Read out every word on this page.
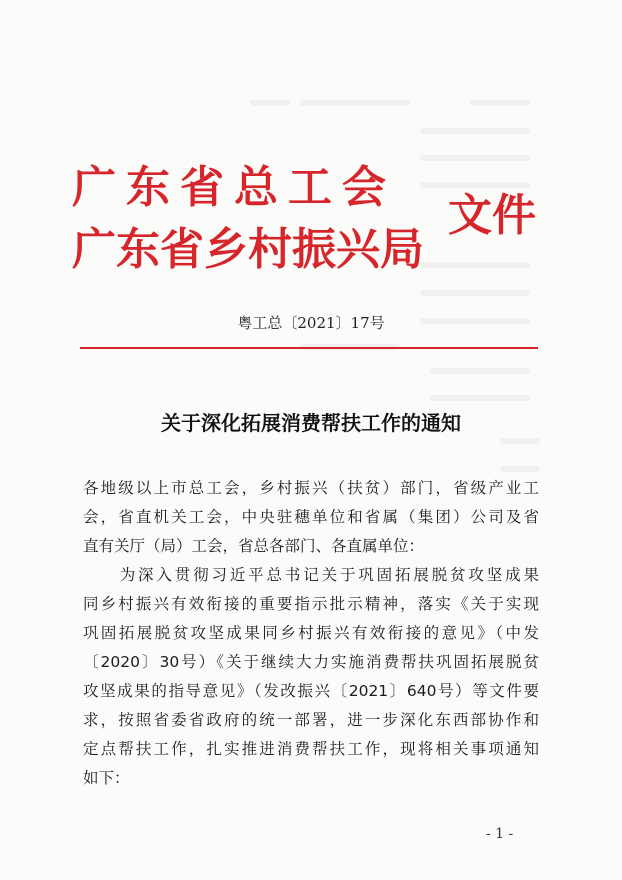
广东省总工会
广东省乡村振兴局
文件
粤工总〔2021〕17号
关于深化拓展消费帮扶工作的通知
各地级以上市总工会，乡村振兴（扶贫）部门，省级产业工
会，省直机关工会，中央驻穗单位和省属（集团）公司及省
直有关厅（局）工会，省总各部门、各直属单位：
　　为深入贯彻习近平总书记关于巩固拓展脱贫攻坚成果
同乡村振兴有效衔接的重要指示批示精神，落实《关于实现
巩固拓展脱贫攻坚成果同乡村振兴有效衔接的意见》（中发
〔2020〕30号）《关于继续大力实施消费帮扶巩固拓展脱贫
攻坚成果的指导意见》（发改振兴〔2021〕640号）等文件要
求，按照省委省政府的统一部署，进一步深化东西部协作和
定点帮扶工作，扎实推进消费帮扶工作，现将相关事项通知
如下：
- 1 -
